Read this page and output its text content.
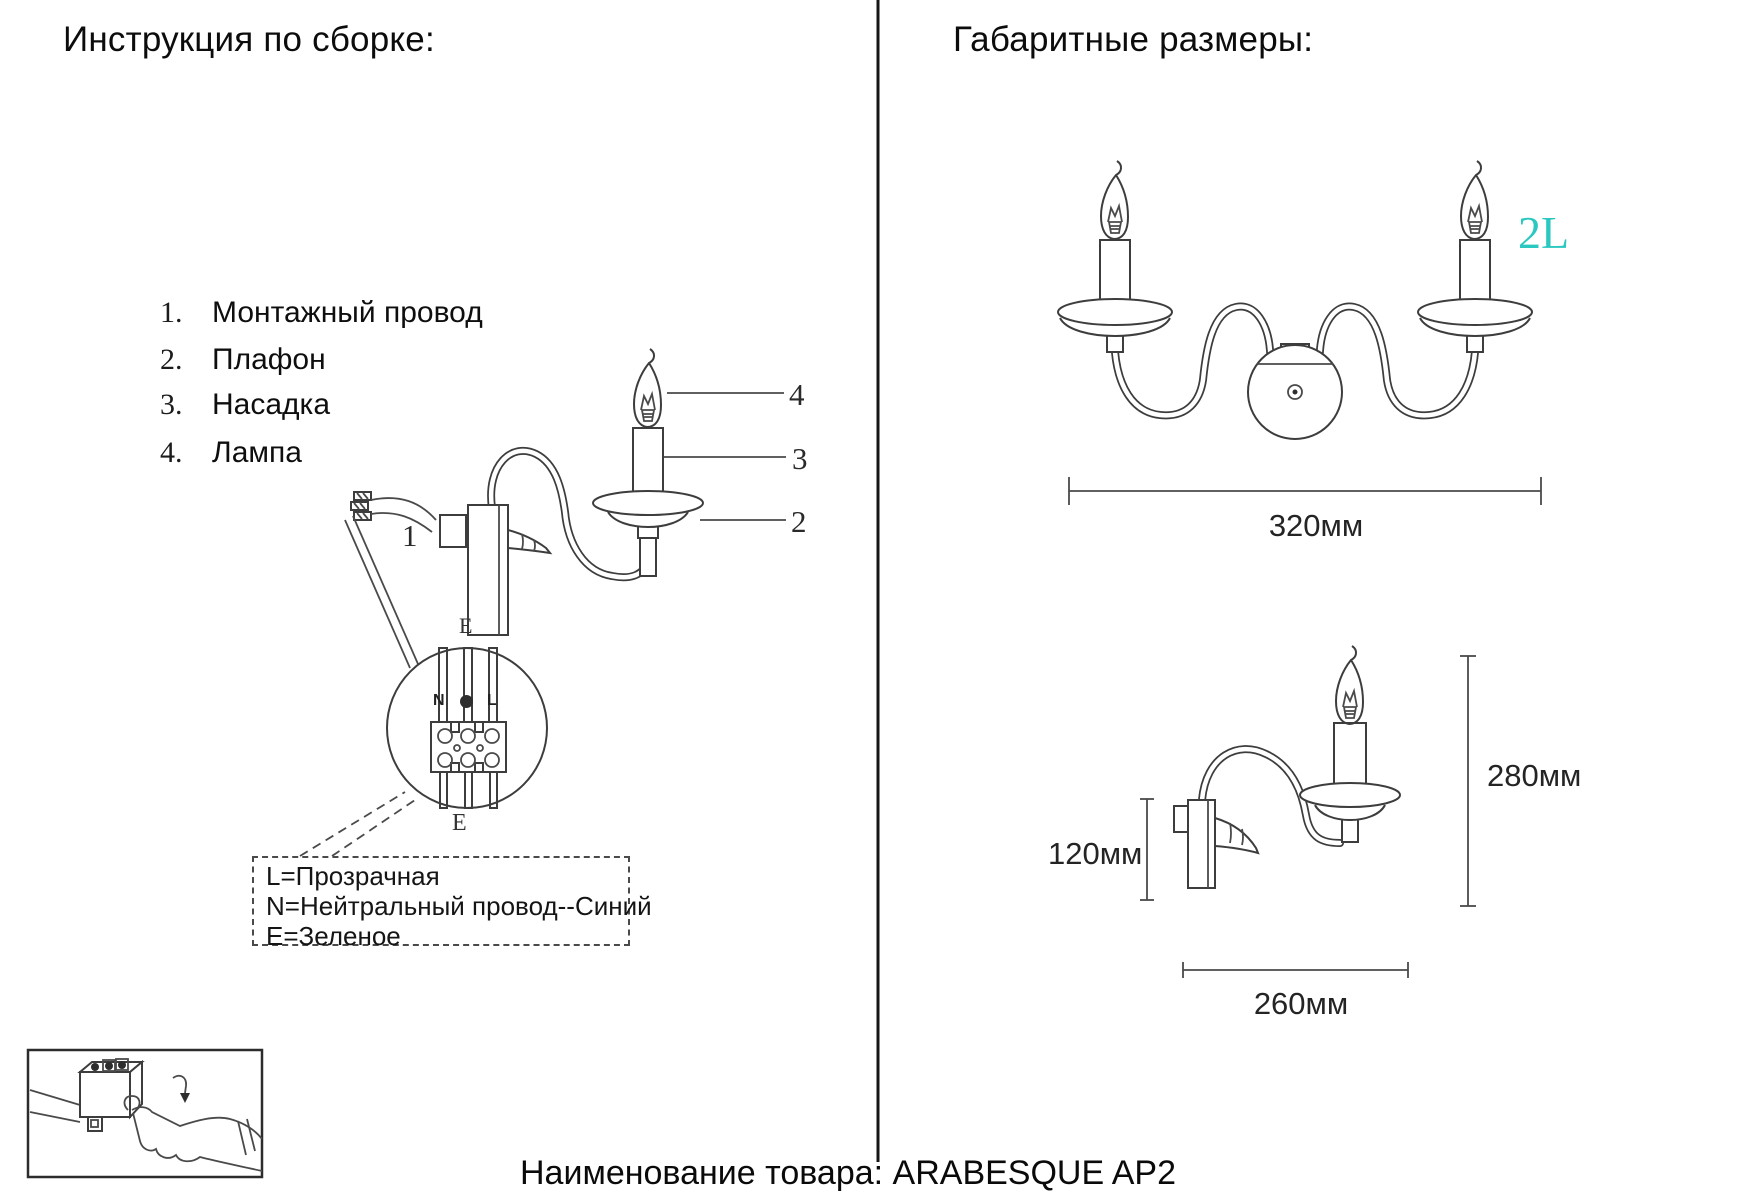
Инструкция по сборке:	Габаритные размеры:
1. Монтажный провод
2. Плафон
3. Насадка
4. Лампа
4
3
2
1
E
N	L
E
L=Прозрачная
N=Нейтральный провод--Синий
E=Зеленое
2L
320мм
120мм
280мм
260мм
Наименование товара: ARABESQUE AP2
